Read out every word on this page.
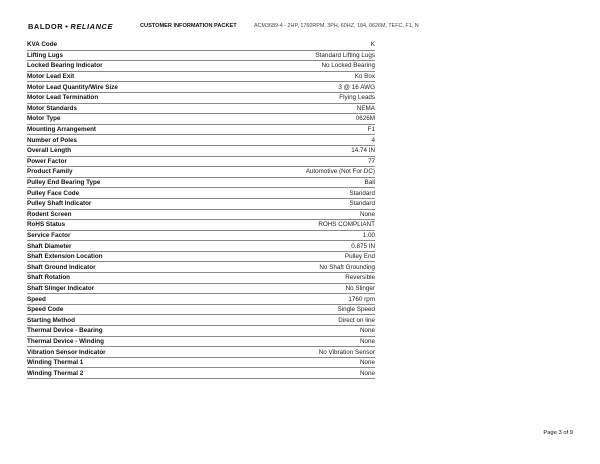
BALDOR • RELIANCE	CUSTOMER INFORMATION PACKET	ACM3689-4 - 2HP, 1760RPM, 3PH, 60HZ, 184, 0626M, TEFC, F1, N
KVA Code	K
Lifting Lugs	Standard Lifting Lugs
Locked Bearing Indicator	No Locked Bearing
Motor Lead Exit	Ko Box
Motor Lead Quantity/Wire Size	3 @ 16 AWG
Motor Lead Termination	Flying Leads
Motor Standards	NEMA
Motor Type	0626M
Mounting Arrangement	F1
Number of Poles	4
Overall Length	14.74 IN
Power Factor	77
Product Family	Automotive (Not For DC)
Pulley End Bearing Type	Ball
Pulley Face Code	Standard
Pulley Shaft Indicator	Standard
Rodent Screen	None
RoHS Status	ROHS COMPLIANT
Service Factor	1.00
Shaft Diameter	0.875 IN
Shaft Extension Location	Pulley End
Shaft Ground Indicator	No Shaft Grounding
Shaft Rotation	Reversible
Shaft Slinger Indicator	No Slinger
Speed	1760 rpm
Speed Code	Single Speed
Starting Method	Direct on line
Thermal Device - Bearing	None
Thermal Device - Winding	None
Vibration Sensor Indicator	No Vibration Sensor
Winding Thermal 1	None
Winding Thermal 2	None
Page 3 of 9
